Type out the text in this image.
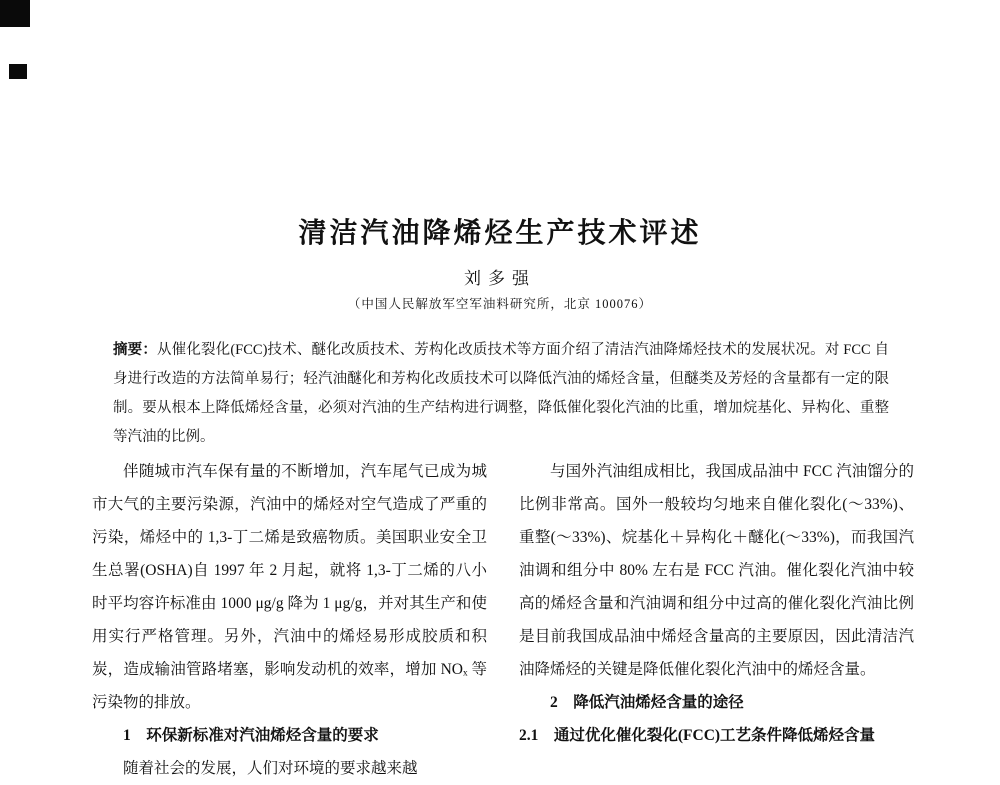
清洁汽油降烯烃生产技术评述
刘多强
（中国人民解放军空军油料研究所，北京 100076）
摘要：从催化裂化(FCC)技术、醚化改质技术、芳构化改质技术等方面介绍了清洁汽油降烯烃技术的发展状况。对 FCC 自身进行改造的方法简单易行；轻汽油醚化和芳构化改质技术可以降低汽油的烯烃含量，但醚类及芳烃的含量都有一定的限制。要从根本上降低烯烃含量，必须对汽油的生产结构进行调整，降低催化裂化汽油的比重，增加烷基化、异构化、重整等汽油的比例。

伴随城市汽车保有量的不断增加，汽车尾气已成为城市大气的主要污染源，汽油中的烯烃对空气造成了严重的污染，烯烃中的 1,3-丁二烯是致癌物质。美国职业安全卫生总署(OSHA)自 1997 年 2 月起，就将 1,3-丁二烯的八小时平均容许标准由 1000 μg/g 降为 1 μg/g，并对其生产和使用实行严格管理。另外，汽油中的烯烃易形成胶质和积炭，造成输油管路堵塞，影响发动机的效率，增加 NOₓ 等污染物的排放。

1　环保新标准对汽油烯烃含量的要求

随着社会的发展，人们对环境的要求越来越

与国外汽油组成相比，我国成品油中 FCC 汽油馏分的比例非常高。国外一般较均匀地来自催化裂化(～33%)、重整(～33%)、烷基化＋异构化＋醚化(～33%)，而我国汽油调和组分中 80% 左右是 FCC 汽油。催化裂化汽油中较高的烯烃含量和汽油调和组分中过高的催化裂化汽油比例是目前我国成品油中烯烃含量高的主要原因，因此清洁汽油降烯烃的关键是降低催化裂化汽油中的烯烃含量。

2　降低汽油烯烃含量的途径

2.1　通过优化催化裂化(FCC)工艺条件降低烯烃含量
